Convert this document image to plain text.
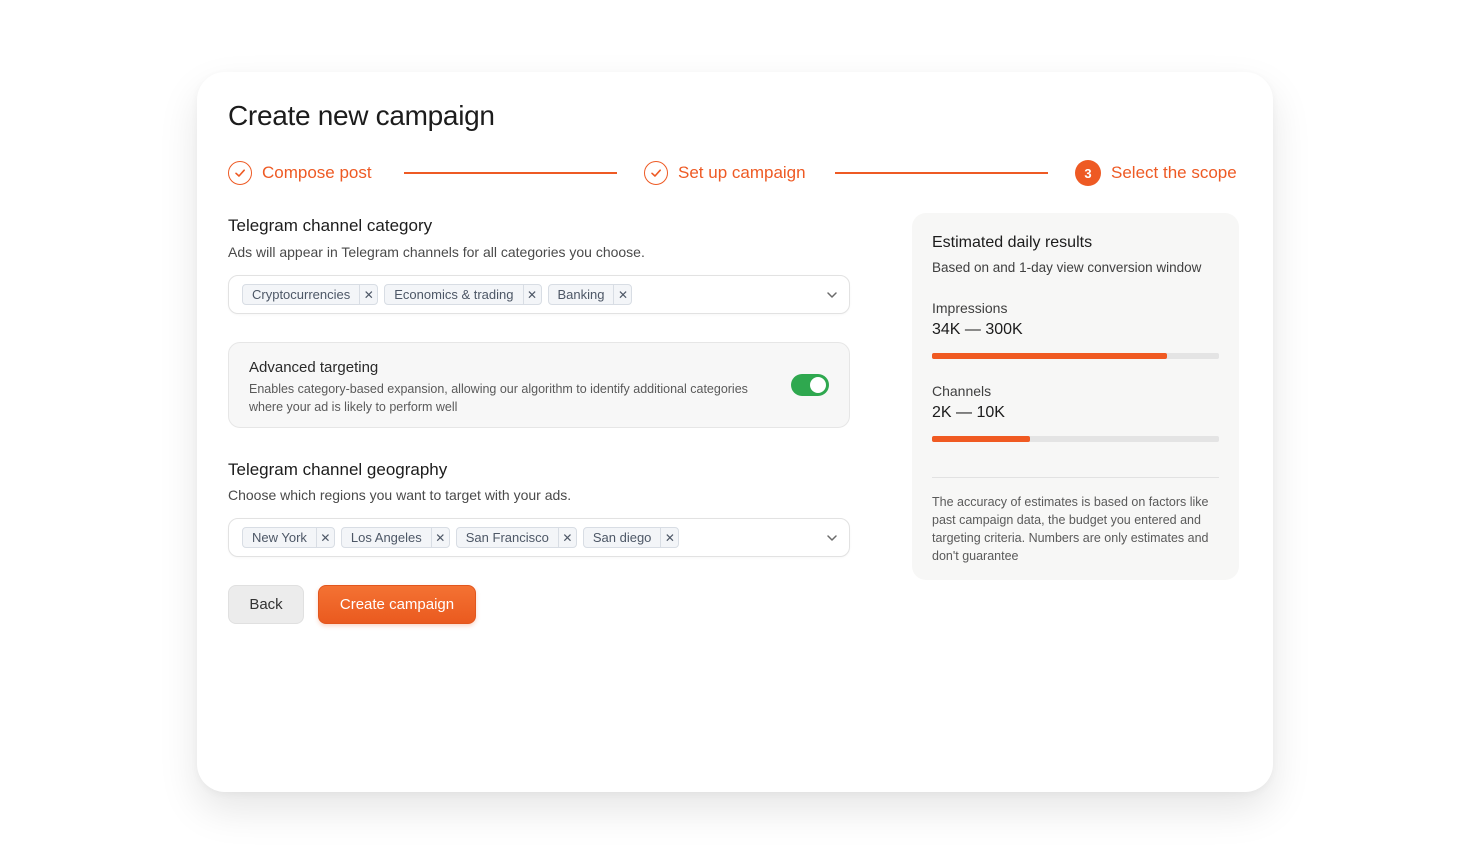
Create new campaign
Compose post	Set up campaign	3	Select the scope
Telegram channel category
Ads will appear in Telegram channels for all categories you choose.
Cryptocurrencies	✕	Economics & trading	✕	Banking	✕
Advanced targeting
Enables category-based expansion, allowing our algorithm to identify additional categories where your ad is likely to perform well
Telegram channel geography
Choose which regions you want to target with your ads.
New York	✕	Los Angeles	✕	San Francisco	✕	San diego	✕
Back	Create campaign
Estimated daily results
Based on and 1-day view conversion window
Impressions
34K — 300K
Channels
2K — 10K
The accuracy of estimates is based on factors like past campaign data, the budget you entered and targeting criteria. Numbers are only estimates and don't guarantee
